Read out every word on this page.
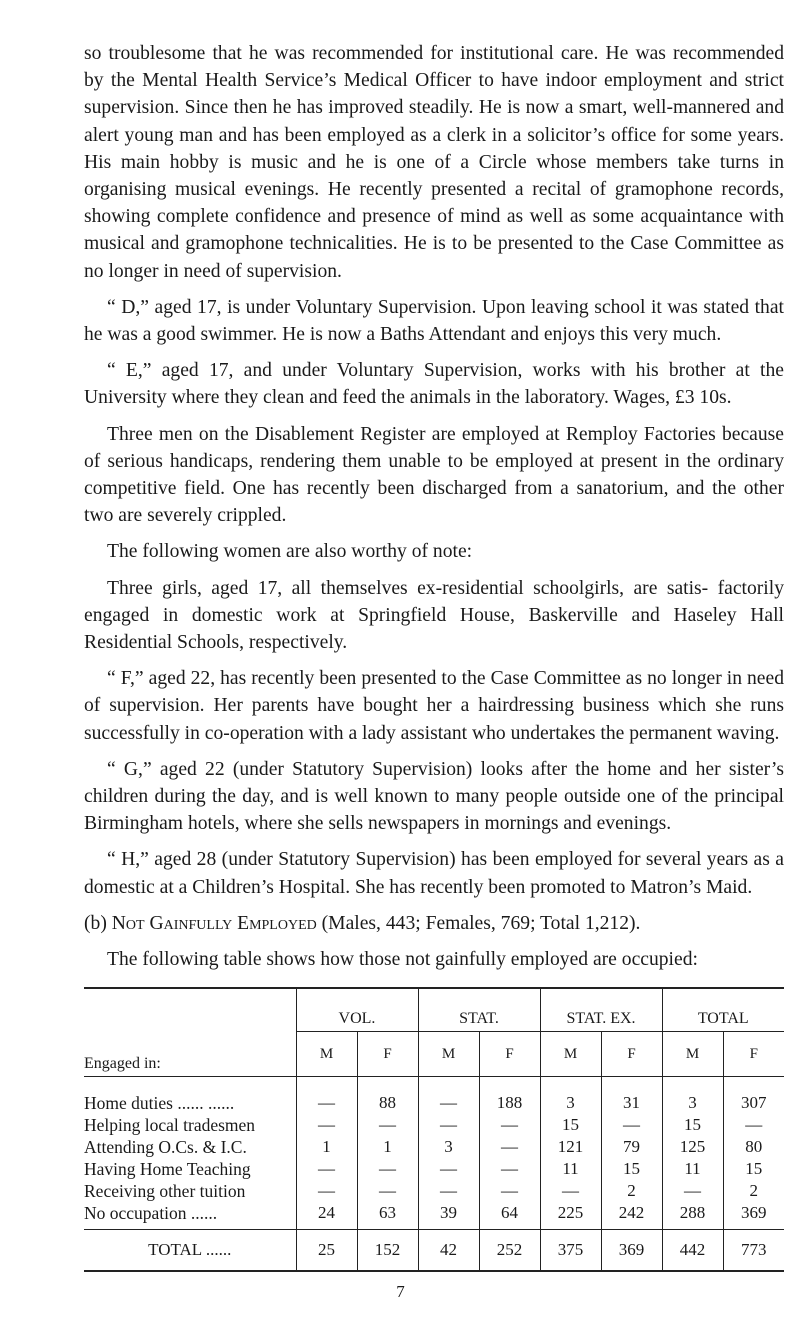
so troublesome that he was recommended for institutional care. He was recommended by the Mental Health Service’s Medical Officer to have indoor employment and strict supervision. Since then he has improved steadily. He is now a smart, well-mannered and alert young man and has been employed as a clerk in a solicitor’s office for some years. His main hobby is music and he is one of a Circle whose members take turns in organising musical evenings. He recently presented a recital of gramophone records, showing complete confidence and presence of mind as well as some acquaintance with musical and gramophone technicalities. He is to be presented to the Case Committee as no longer in need of supervision.

“ D,” aged 17, is under Voluntary Supervision. Upon leaving school it was stated that he was a good swimmer. He is now a Baths Attendant and enjoys this very much.

“ E,” aged 17, and under Voluntary Supervision, works with his brother at the University where they clean and feed the animals in the laboratory. Wages, £3 10s.

Three men on the Disablement Register are employed at Remploy Factories because of serious handicaps, rendering them unable to be employed at present in the ordinary competitive field. One has recently been discharged from a sanatorium, and the other two are severely crippled.

The following women are also worthy of note:

Three girls, aged 17, all themselves ex-residential schoolgirls, are satis- factorily engaged in domestic work at Springfield House, Baskerville and Haseley Hall Residential Schools, respectively.

“ F,” aged 22, has recently been presented to the Case Committee as no longer in need of supervision. Her parents have bought her a hairdressing business which she runs successfully in co-operation with a lady assistant who undertakes the permanent waving.

“ G,” aged 22 (under Statutory Supervision) looks after the home and her sister’s children during the day, and is well known to many people outside one of the principal Birmingham hotels, where she sells newspapers in mornings and evenings.

“ H,” aged 28 (under Statutory Supervision) has been employed for several years as a domestic at a Children’s Hospital. She has recently been promoted to Matron’s Maid.

(b) Not Gainfully Employed (Males, 443; Females, 769; Total 1,212).

The following table shows how those not gainfully employed are occupied:

Engaged in:	VOL.		STAT.		STAT. EX.		TOTAL	
	M	F	M	F	M	F	M	F
Home duties ...... ......	—	88	—	188	3	31	3	307
Helping local tradesmen	—	—	—	—	15	—	15	—
Attending O.Cs. & I.C.	1	1	3	—	121	79	125	80
Having Home Teaching	—	—	—	—	11	15	11	15
Receiving other tuition	—	—	—	—	—	2	—	2
No occupation ......	24	63	39	64	225	242	288	369
TOTAL ......	25	152	42	252	375	369	442	773
7
